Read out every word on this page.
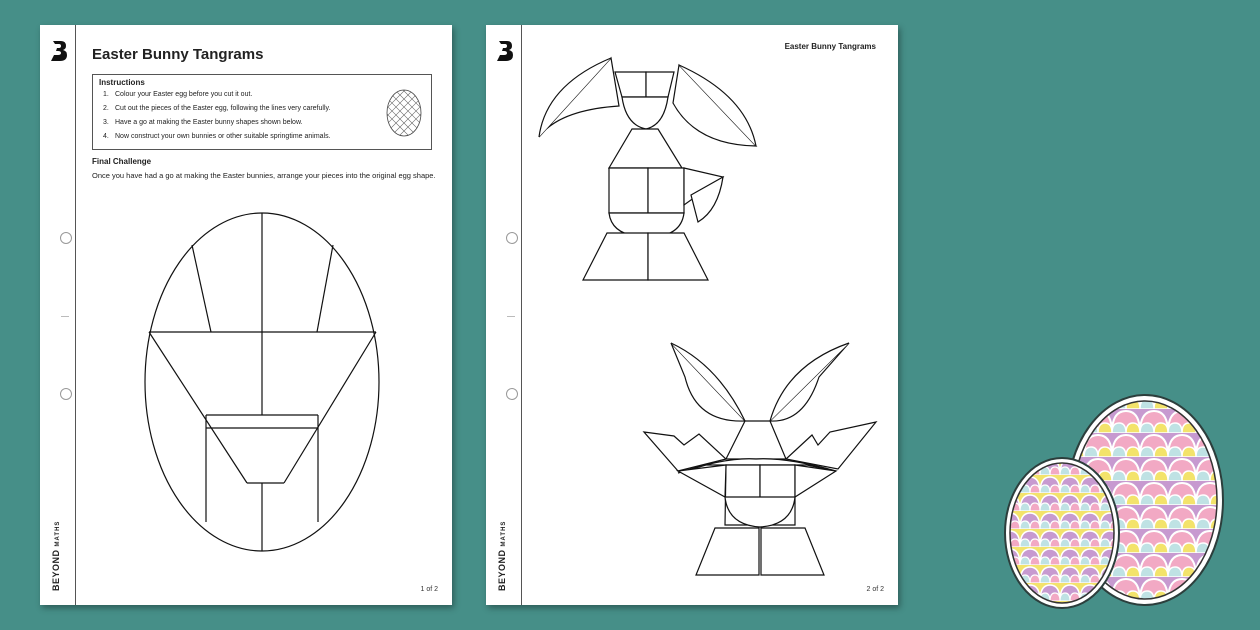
BEYONDMATHS
Easter Bunny Tangrams
Instructions
1. Colour your Easter egg before you cut it out.
2. Cut out the pieces of the Easter egg, following the lines very carefully.
3. Have a go at making the Easter bunny shapes shown below.
4. Now construct your own bunnies or other suitable springtime animals.
Final Challenge
Once you have had a go at making the Easter bunnies, arrange your pieces into the original egg shape.
1 of 2	BEYONDMATHS
Easter Bunny Tangrams
2 of 2
